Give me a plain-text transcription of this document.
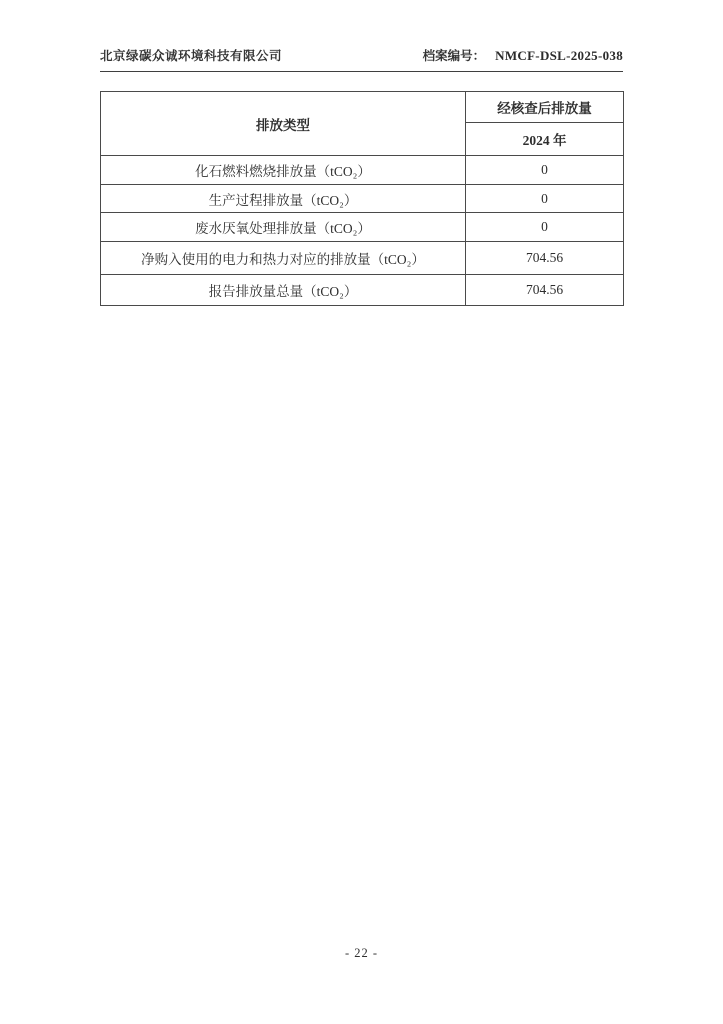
北京绿碳众诚环境科技有限公司	档案编号： NMCF-DSL-2025-038
排放类型	经核查后排放量
	2024 年
化石燃料燃烧排放量（tCO₂）	0
生产过程排放量（tCO₂）	0
废水厌氧处理排放量（tCO₂）	0
净购入使用的电力和热力对应的排放量（tCO₂）	704.56
报告排放量总量（tCO₂）	704.56
- 22 -
